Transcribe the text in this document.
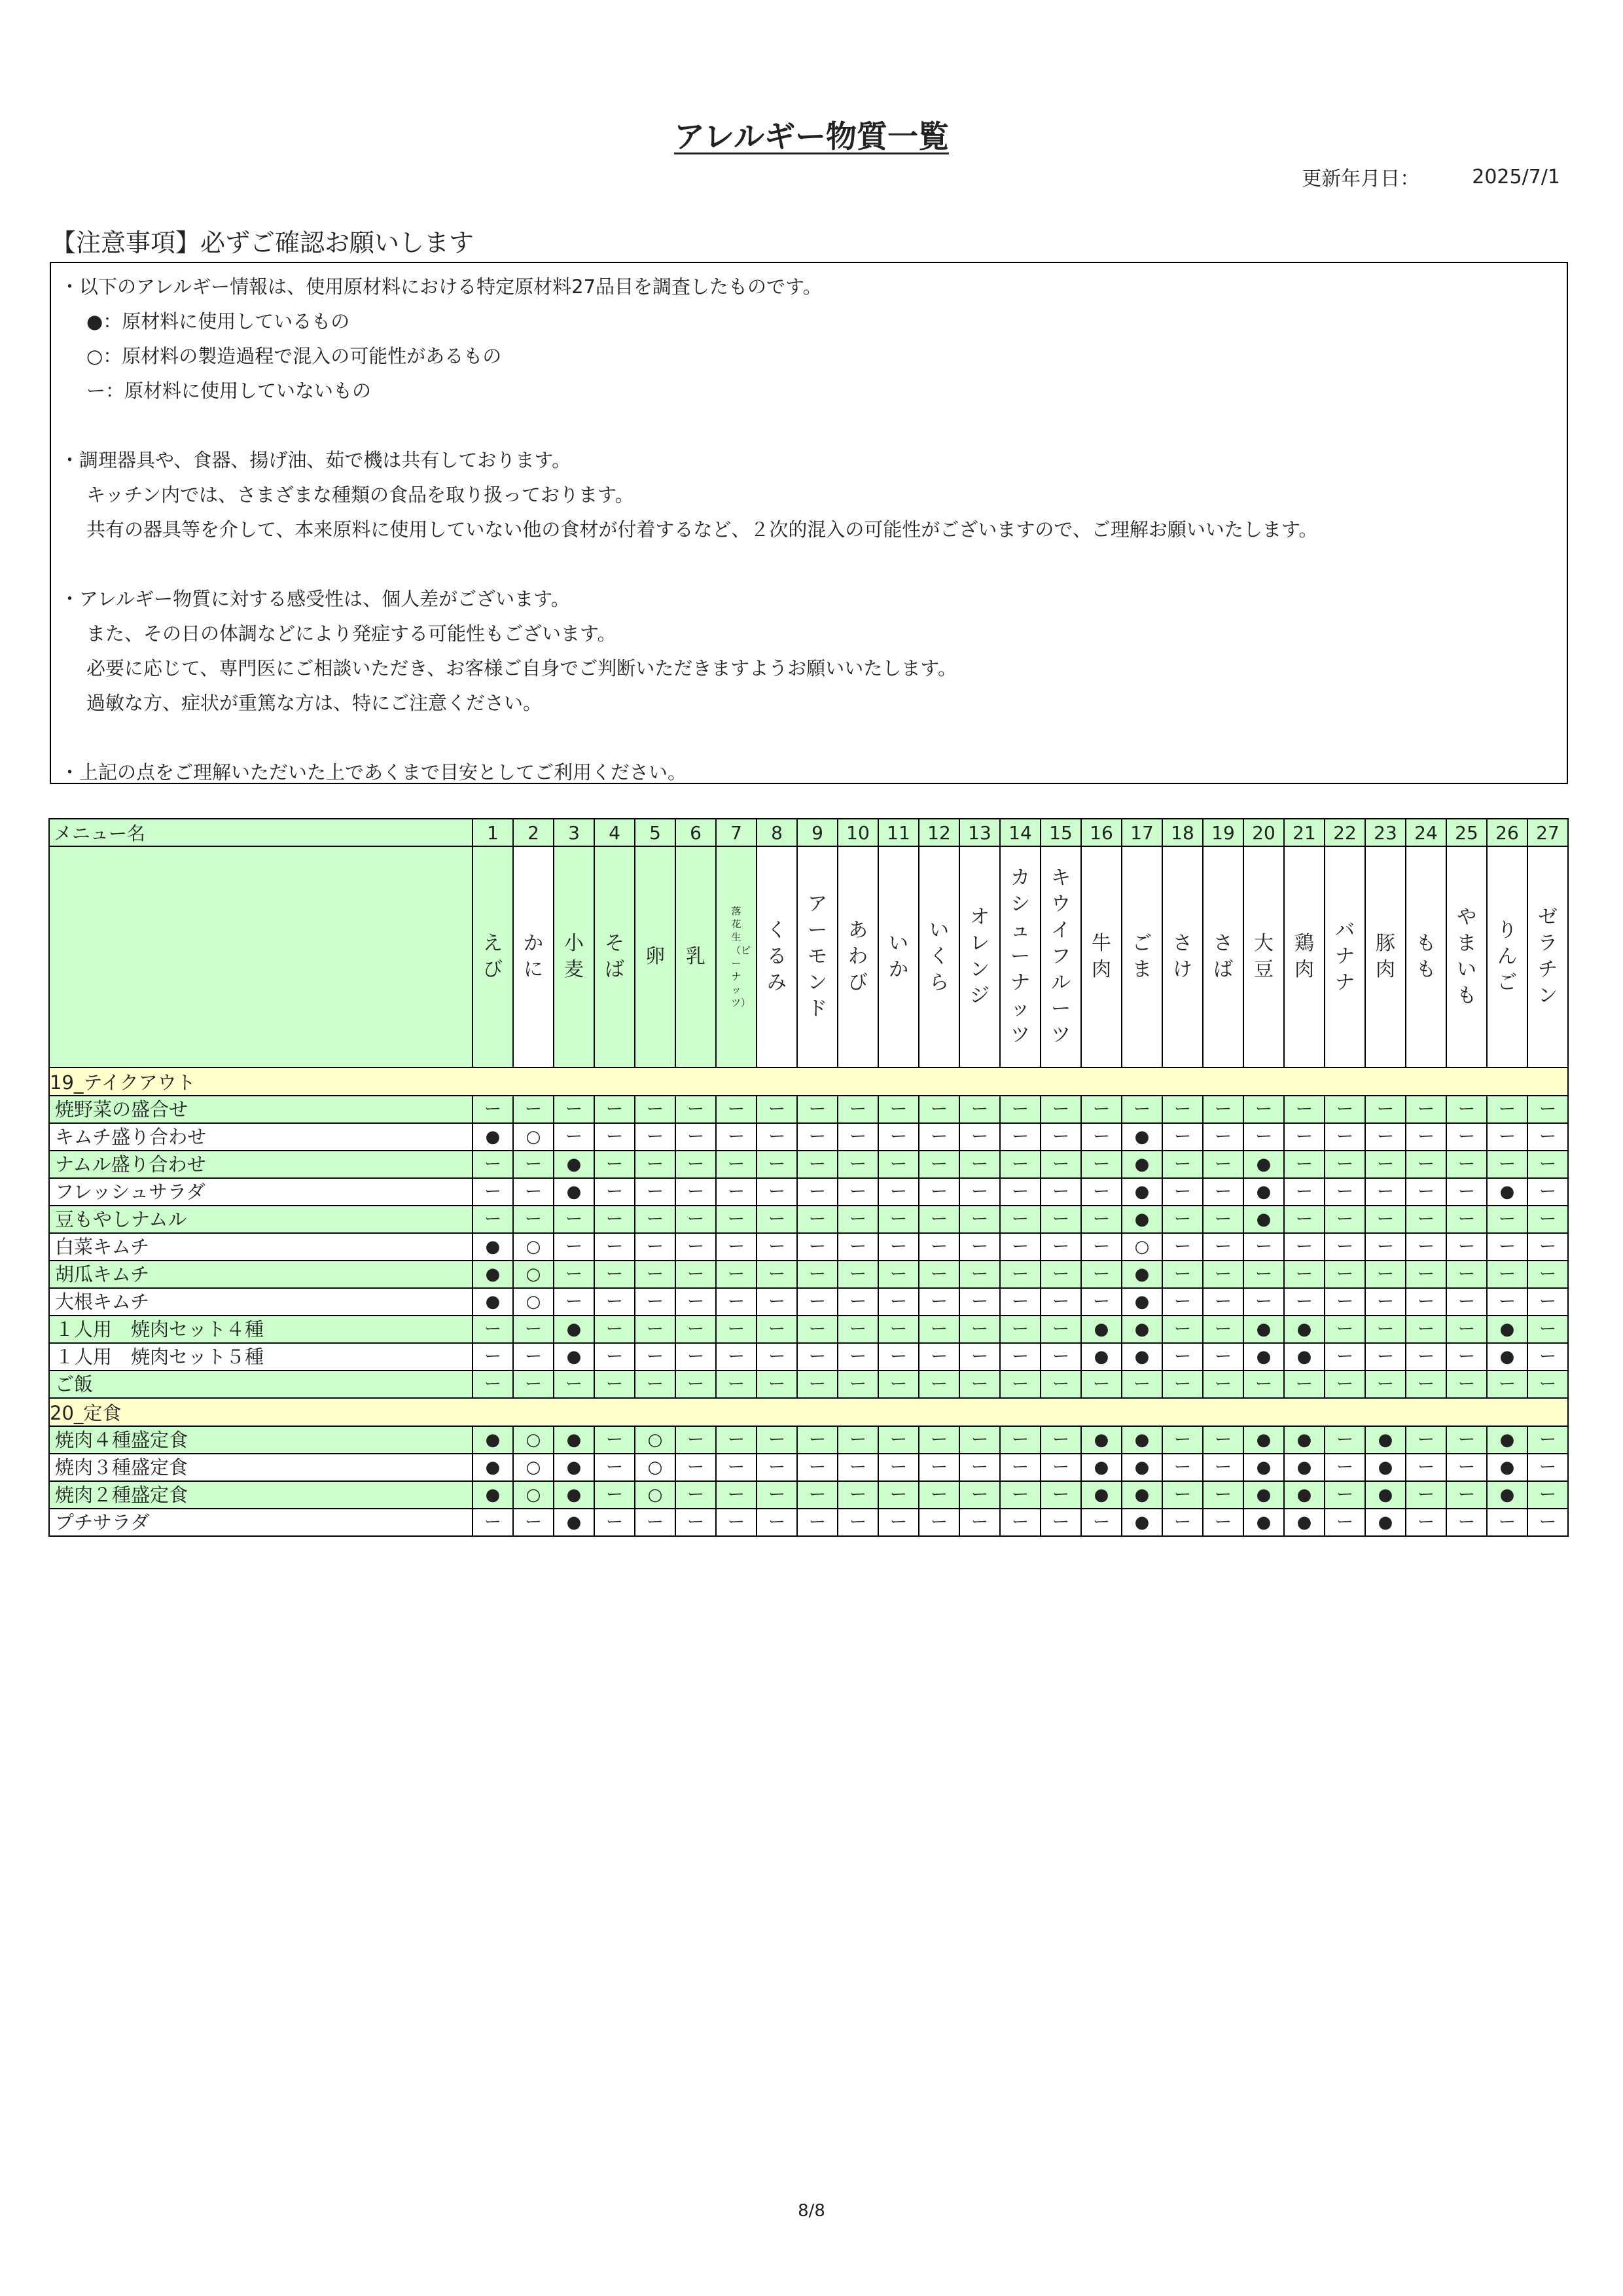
アレルギー物質一覧
更新年月日：	2025/7/1
【注意事項】必ずご確認お願いします
・以下のアレルギー情報は、使用原材料における特定原材料27品目を調査したものです。
●：原材料に使用しているもの
○：原材料の製造過程で混入の可能性があるもの
ー：原材料に使用していないもの
・調理器具や、食器、揚げ油、茹で機は共有しております。
キッチン内では、さまざまな種類の食品を取り扱っております。
共有の器具等を介して、本来原料に使用していない他の食材が付着するなど、２次的混入の可能性がございますので、ご理解お願いいたします。
・アレルギー物質に対する感受性は、個人差がございます。
また、その日の体調などにより発症する可能性もございます。
必要に応じて、専門医にご相談いただき、お客様ご自身でご判断いただきますようお願いいたします。
過敏な方、症状が重篤な方は、特にご注意ください。
・上記の点をご理解いただいた上であくまで目安としてご利用ください。
メニュー名	1	2	3	4	5	6	7	8	9	10	11	12	13	14	15	16	17	18	19	20	21	22	23	24	25	26	27
	えび	かに	小麦	そば	卵	乳	落花生（ピーナッツ）	くるみ	アーモンド	あわび	いか	いくら	オレンジ	カシューナッツ	キウイフルーツ	牛肉	ごま	さけ	さば	大豆	鶏肉	バナナ	豚肉	もも	やまいも	りんご	ゼラチン
19_テイクアウト																											
焼野菜の盛合せ	ー	ー	ー	ー	ー	ー	ー	ー	ー	ー	ー	ー	ー	ー	ー	ー	ー	ー	ー	ー	ー	ー	ー	ー	ー	ー	ー
キムチ盛り合わせ	●	○	ー	ー	ー	ー	ー	ー	ー	ー	ー	ー	ー	ー	ー	ー	●	ー	ー	ー	ー	ー	ー	ー	ー	ー	ー
ナムル盛り合わせ	ー	ー	●	ー	ー	ー	ー	ー	ー	ー	ー	ー	ー	ー	ー	ー	●	ー	ー	●	ー	ー	ー	ー	ー	ー	ー
フレッシュサラダ	ー	ー	●	ー	ー	ー	ー	ー	ー	ー	ー	ー	ー	ー	ー	ー	●	ー	ー	●	ー	ー	ー	ー	ー	●	ー
豆もやしナムル	ー	ー	ー	ー	ー	ー	ー	ー	ー	ー	ー	ー	ー	ー	ー	ー	●	ー	ー	●	ー	ー	ー	ー	ー	ー	ー
白菜キムチ	●	○	ー	ー	ー	ー	ー	ー	ー	ー	ー	ー	ー	ー	ー	ー	○	ー	ー	ー	ー	ー	ー	ー	ー	ー	ー
胡瓜キムチ	●	○	ー	ー	ー	ー	ー	ー	ー	ー	ー	ー	ー	ー	ー	ー	●	ー	ー	ー	ー	ー	ー	ー	ー	ー	ー
大根キムチ	●	○	ー	ー	ー	ー	ー	ー	ー	ー	ー	ー	ー	ー	ー	ー	●	ー	ー	ー	ー	ー	ー	ー	ー	ー	ー
１人用　焼肉セット４種	ー	ー	●	ー	ー	ー	ー	ー	ー	ー	ー	ー	ー	ー	ー	●	●	ー	ー	●	●	ー	ー	ー	ー	●	ー
１人用　焼肉セット５種	ー	ー	●	ー	ー	ー	ー	ー	ー	ー	ー	ー	ー	ー	ー	●	●	ー	ー	●	●	ー	ー	ー	ー	●	ー
ご飯	ー	ー	ー	ー	ー	ー	ー	ー	ー	ー	ー	ー	ー	ー	ー	ー	ー	ー	ー	ー	ー	ー	ー	ー	ー	ー	ー
20_定食																											
焼肉４種盛定食	●	○	●	ー	○	ー	ー	ー	ー	ー	ー	ー	ー	ー	ー	●	●	ー	ー	●	●	ー	●	ー	ー	●	ー
焼肉３種盛定食	●	○	●	ー	○	ー	ー	ー	ー	ー	ー	ー	ー	ー	ー	●	●	ー	ー	●	●	ー	●	ー	ー	●	ー
焼肉２種盛定食	●	○	●	ー	○	ー	ー	ー	ー	ー	ー	ー	ー	ー	ー	●	●	ー	ー	●	●	ー	●	ー	ー	●	ー
プチサラダ	ー	ー	●	ー	ー	ー	ー	ー	ー	ー	ー	ー	ー	ー	ー	ー	●	ー	ー	●	●	ー	●	ー	ー	ー	ー
8/8
